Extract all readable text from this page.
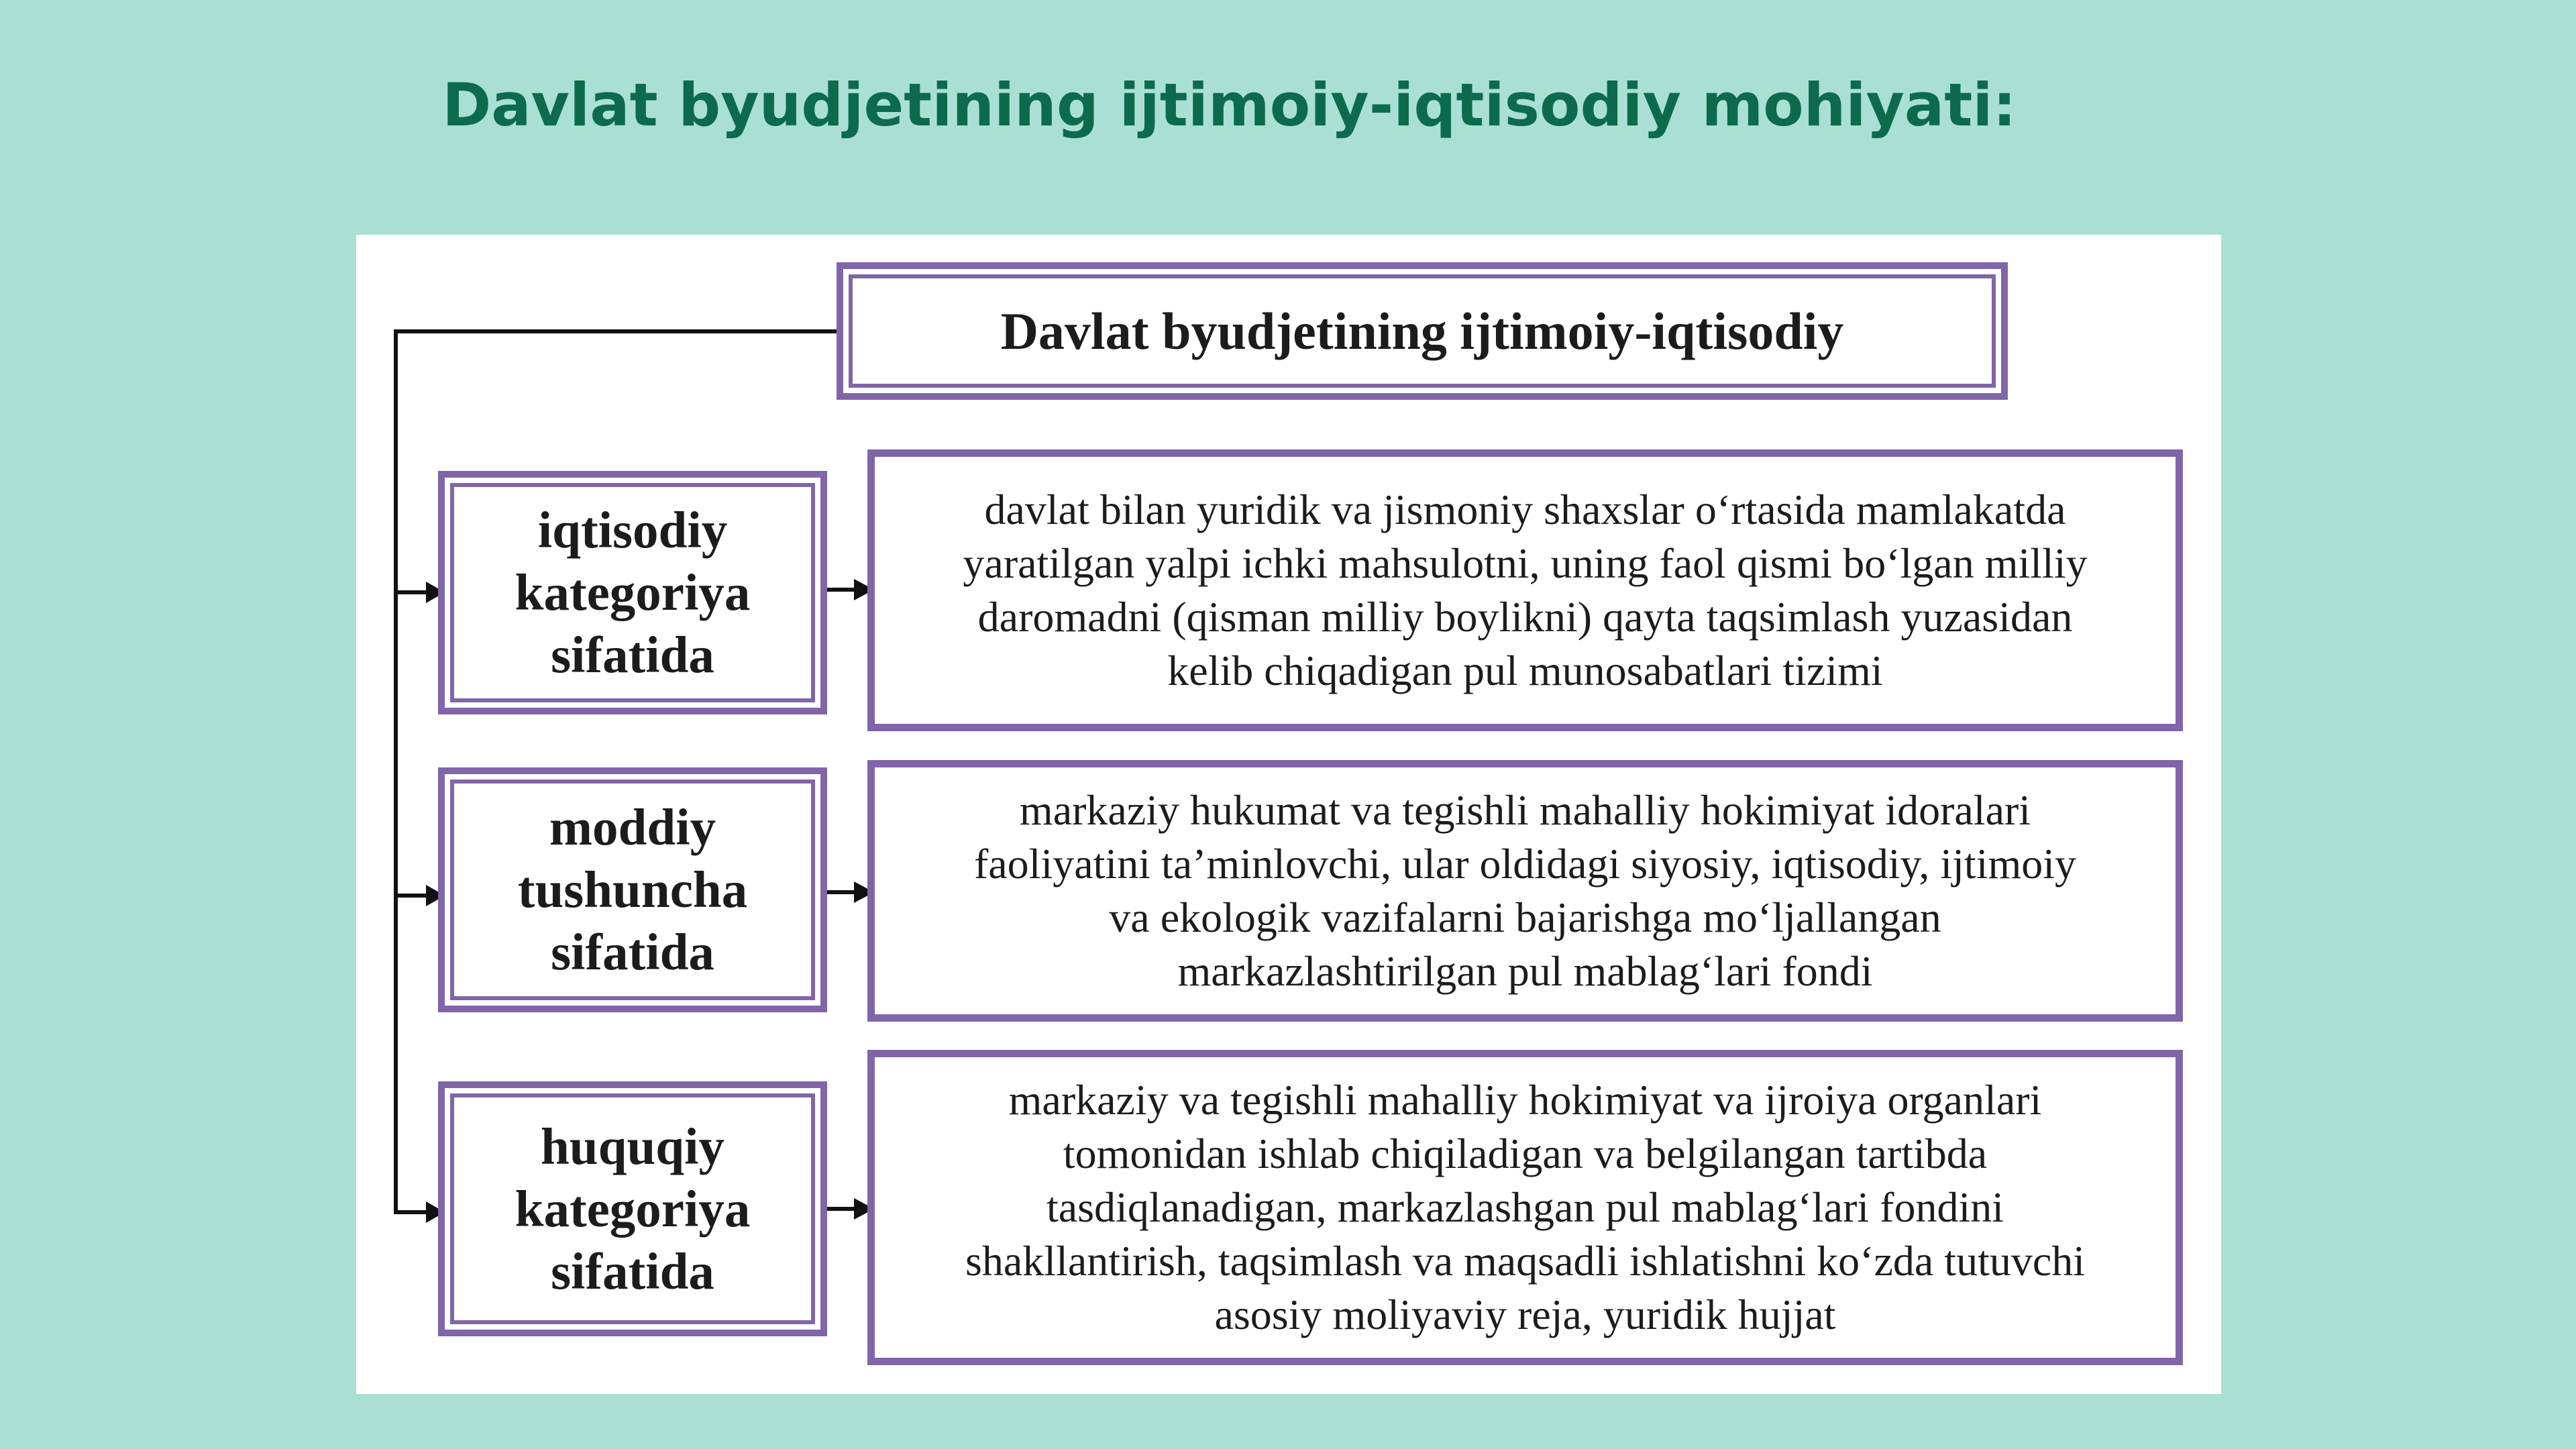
Davlat byudjetining ijtimoiy-iqtisodiy mohiyati:
Davlat byudjetining ijtimoiy-iqtisodiy
iqtisodiy
kategoriya
sifatida
davlat bilan yuridik va jismoniy shaxslar o‘rtasida mamlakatda
yaratilgan yalpi ichki mahsulotni, uning faol qismi bo‘lgan milliy
daromadni (qisman milliy boylikni) qayta taqsimlash yuzasidan
kelib chiqadigan pul munosabatlari tizimi
moddiy
tushuncha
sifatida
markaziy hukumat va tegishli mahalliy hokimiyat idoralari
faoliyatini ta’minlovchi, ular oldidagi siyosiy, iqtisodiy, ijtimoiy
va ekologik vazifalarni bajarishga mo‘ljallangan
markazlashtirilgan pul mablag‘lari fondi
huquqiy
kategoriya
sifatida
markaziy va tegishli mahalliy hokimiyat va ijroiya organlari
tomonidan ishlab chiqiladigan va belgilangan tartibda
tasdiqlanadigan, markazlashgan pul mablag‘lari fondini
shakllantirish, taqsimlash va maqsadli ishlatishni ko‘zda tutuvchi
asosiy moliyaviy reja, yuridik hujjat
